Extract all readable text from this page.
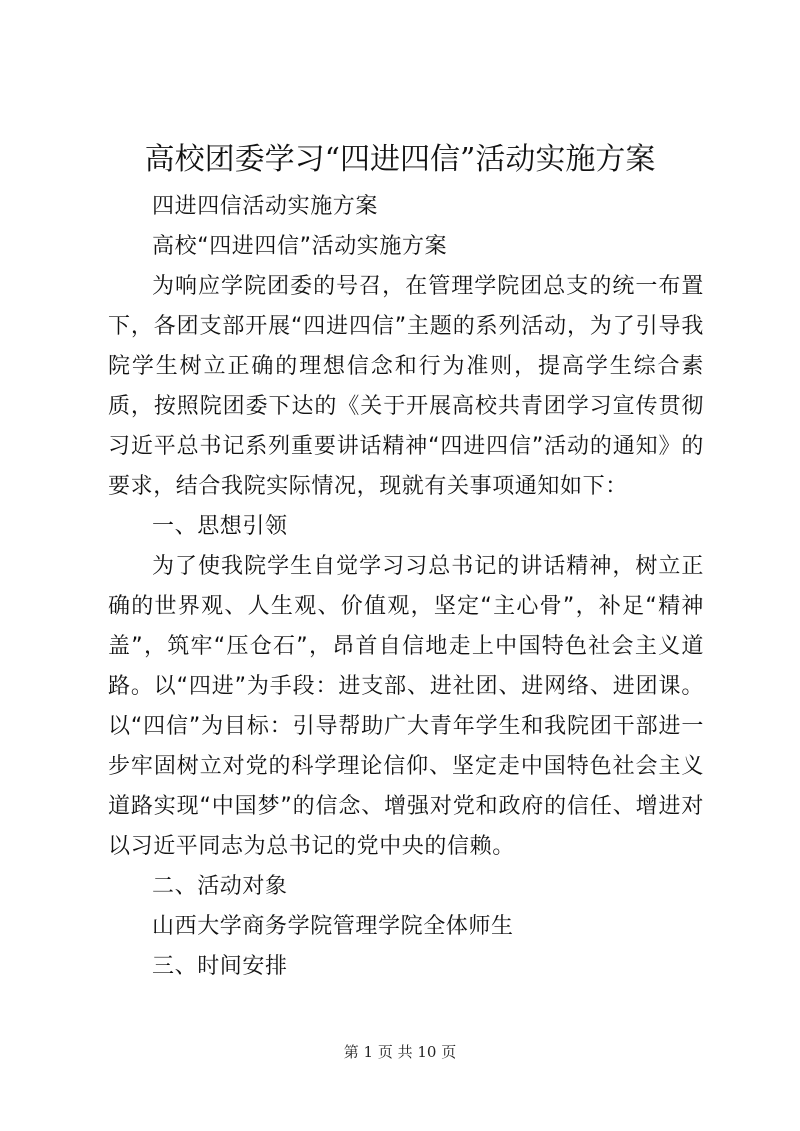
高校团委学习“四进四信”活动实施方案

四进四信活动实施方案

高校“四进四信”活动实施方案

为响应学院团委的号召，在管理学院团总支的统一布置下，各团支部开展“四进四信”主题的系列活动，为了引导我院学生树立正确的理想信念和行为准则，提高学生综合素质，按照院团委下达的《关于开展高校共青团学习宣传贯彻习近平总书记系列重要讲话精神“四进四信”活动的通知》的要求，结合我院实际情况，现就有关事项通知如下：

一、思想引领

为了使我院学生自觉学习习总书记的讲话精神，树立正确的世界观、人生观、价值观，坚定“主心骨”，补足“精神盖”，筑牢“压仓石”，昂首自信地走上中国特色社会主义道路。以“四进”为手段：进支部、进社团、进网络、进团课。以“四信”为目标：引导帮助广大青年学生和我院团干部进一步牢固树立对党的科学理论信仰、坚定走中国特色社会主义道路实现“中国梦”的信念、增强对党和政府的信任、增进对以习近平同志为总书记的党中央的信赖。

二、活动对象

山西大学商务学院管理学院全体师生

三、时间安排

第 1 页 共 10 页
